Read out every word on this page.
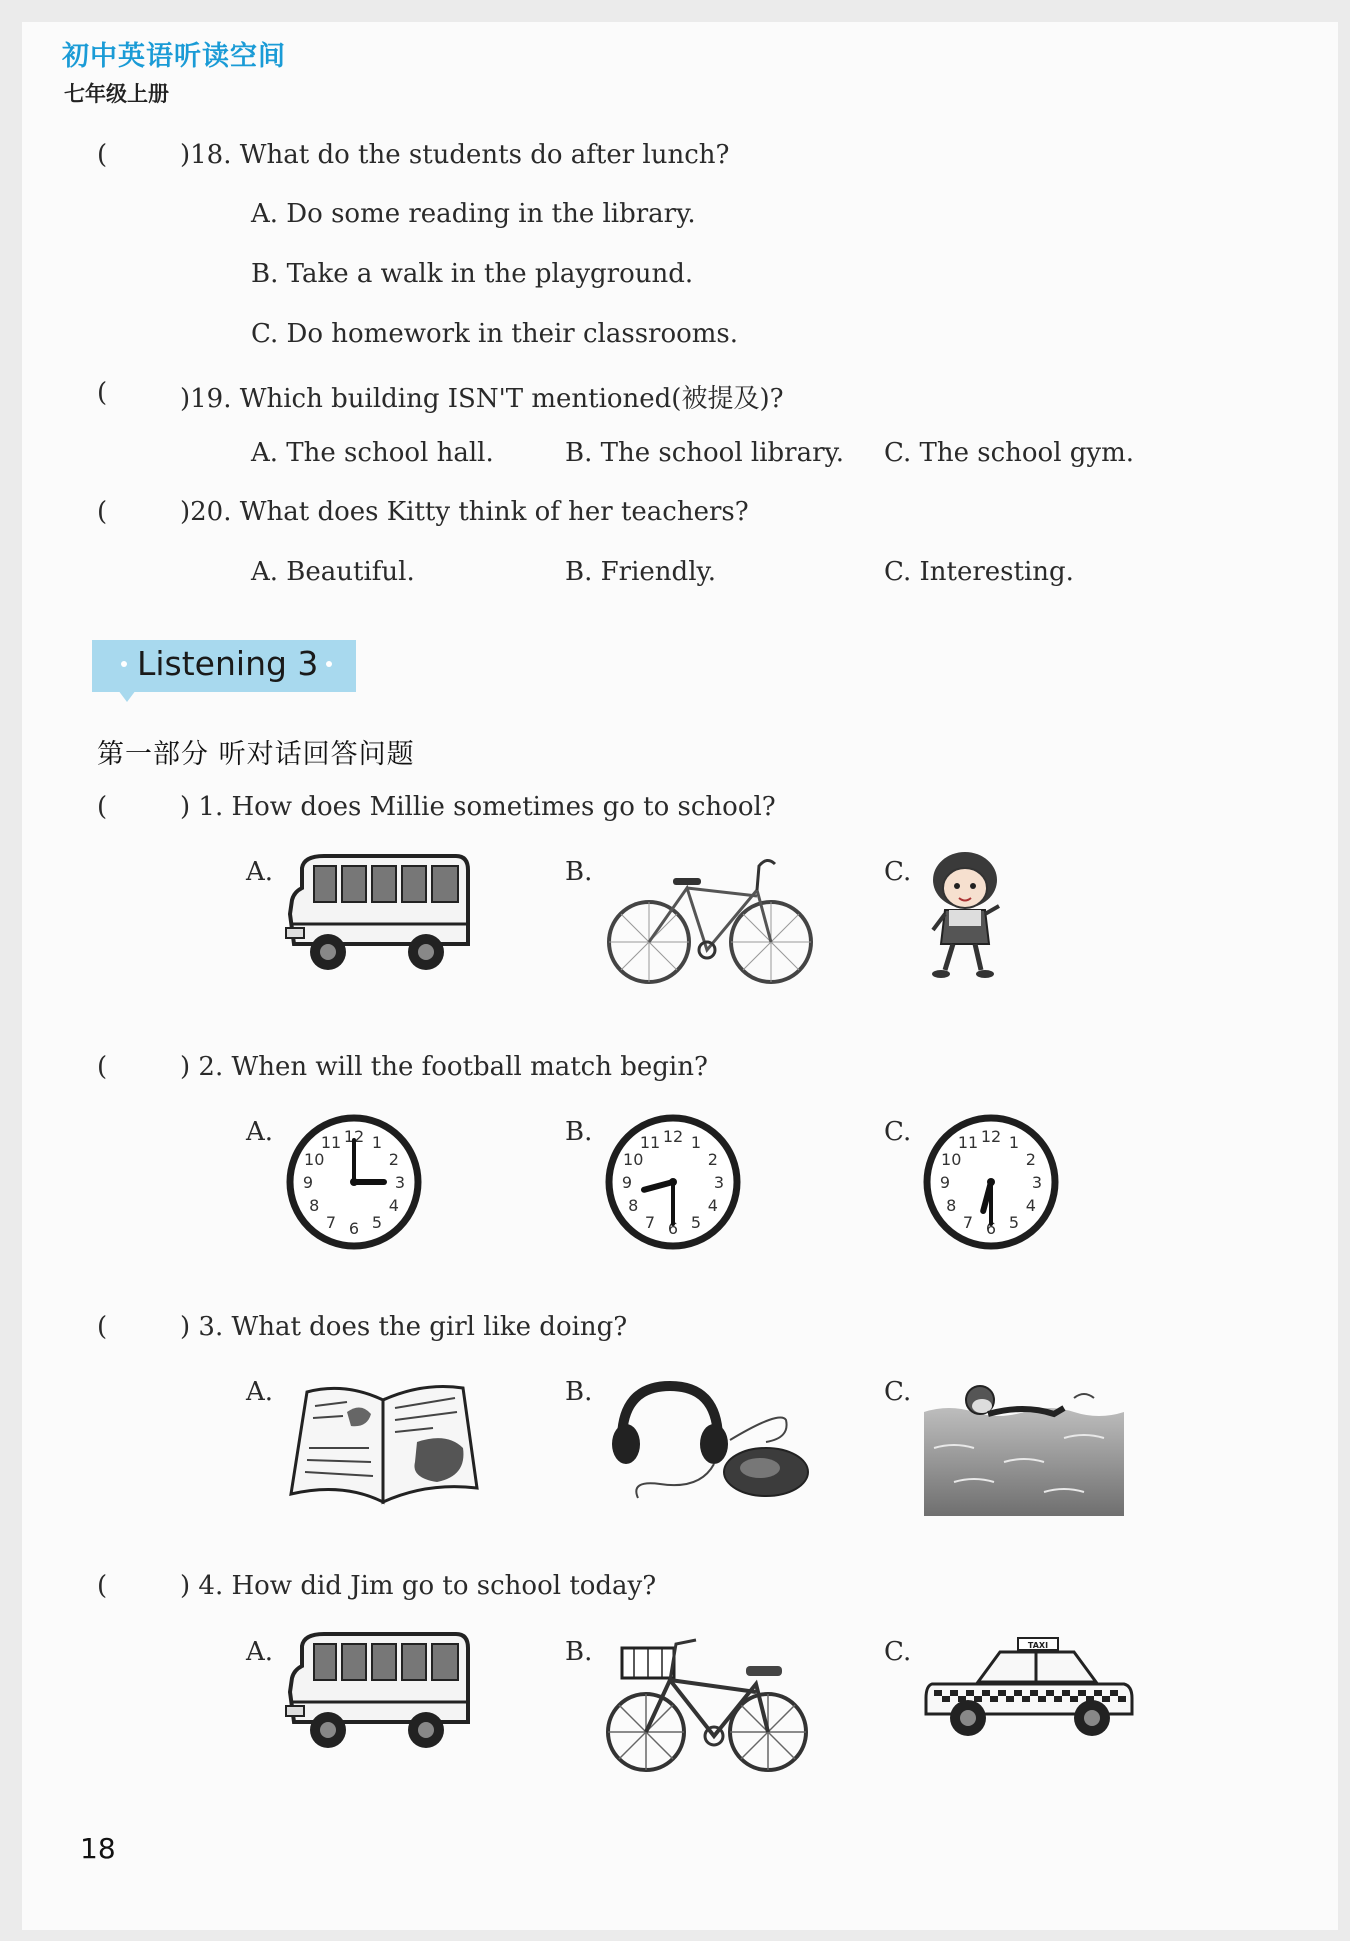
初中英语听读空间
七年级上册
(	)18. What do the students do after lunch?
A. Do some reading in the library.
B. Take a walk in the playground.
C. Do homework in their classrooms.
(	)19. Which building ISN'T mentioned(被提及)?
A. The school hall.	B. The school library. C. The school gym.
(	)20. What does Kitty think of her teachers?
A. Beautiful.	B. Friendly.	C. Interesting.
Listening 3
第一部分 听对话回答问题
(	) 1. How does Millie sometimes go to school?
A.	B.	C.
(	) 2. When will the football match begin?
A.	B.	C.
12 1
2
3
4
5
6
7
8
9
10
11	12 1
2
3
4
5
6
7
8
9
10
11	12 1
2
3
4
5
6
7
8
9
10
11
(	) 3. What does the girl like doing?
A.	B.	C.
(	) 4. How did Jim go to school today?
A.	B.	C.	TAXI
18
